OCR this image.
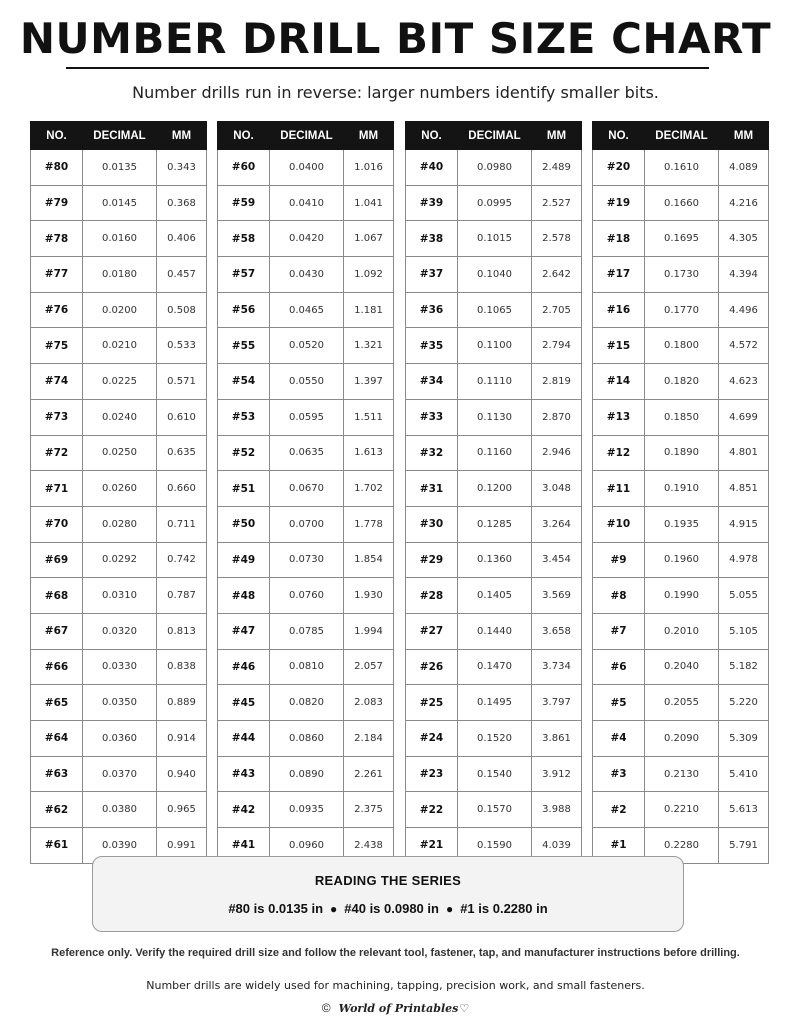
NUMBER DRILL BIT SIZE CHART
Number drills run in reverse: larger numbers identify smaller bits.
NO.	DECIMAL	MM
#80	0.0135	0.343
#79	0.0145	0.368
#78	0.0160	0.406
#77	0.0180	0.457
#76	0.0200	0.508
#75	0.0210	0.533
#74	0.0225	0.571
#73	0.0240	0.610
#72	0.0250	0.635
#71	0.0260	0.660
#70	0.0280	0.711
#69	0.0292	0.742
#68	0.0310	0.787
#67	0.0320	0.813
#66	0.0330	0.838
#65	0.0350	0.889
#64	0.0360	0.914
#63	0.0370	0.940
#62	0.0380	0.965
#61	0.0390	0.991
NO.	DECIMAL	MM
#60	0.0400	1.016
#59	0.0410	1.041
#58	0.0420	1.067
#57	0.0430	1.092
#56	0.0465	1.181
#55	0.0520	1.321
#54	0.0550	1.397
#53	0.0595	1.511
#52	0.0635	1.613
#51	0.0670	1.702
#50	0.0700	1.778
#49	0.0730	1.854
#48	0.0760	1.930
#47	0.0785	1.994
#46	0.0810	2.057
#45	0.0820	2.083
#44	0.0860	2.184
#43	0.0890	2.261
#42	0.0935	2.375
#41	0.0960	2.438
NO.	DECIMAL	MM
#40	0.0980	2.489
#39	0.0995	2.527
#38	0.1015	2.578
#37	0.1040	2.642
#36	0.1065	2.705
#35	0.1100	2.794
#34	0.1110	2.819
#33	0.1130	2.870
#32	0.1160	2.946
#31	0.1200	3.048
#30	0.1285	3.264
#29	0.1360	3.454
#28	0.1405	3.569
#27	0.1440	3.658
#26	0.1470	3.734
#25	0.1495	3.797
#24	0.1520	3.861
#23	0.1540	3.912
#22	0.1570	3.988
#21	0.1590	4.039
NO.	DECIMAL	MM
#20	0.1610	4.089
#19	0.1660	4.216
#18	0.1695	4.305
#17	0.1730	4.394
#16	0.1770	4.496
#15	0.1800	4.572
#14	0.1820	4.623
#13	0.1850	4.699
#12	0.1890	4.801
#11	0.1910	4.851
#10	0.1935	4.915
#9	0.1960	4.978
#8	0.1990	5.055
#7	0.2010	5.105
#6	0.2040	5.182
#5	0.2055	5.220
#4	0.2090	5.309
#3	0.2130	5.410
#2	0.2210	5.613
#1	0.2280	5.791
READING THE SERIES
#80 is 0.0135 in ● #40 is 0.0980 in ● #1 is 0.2280 in
Reference only. Verify the required drill size and follow the relevant tool, fastener, tap, and manufacturer instructions before drilling.
Number drills are widely used for machining, tapping, precision work, and small fasteners.
© World of Printables♡
